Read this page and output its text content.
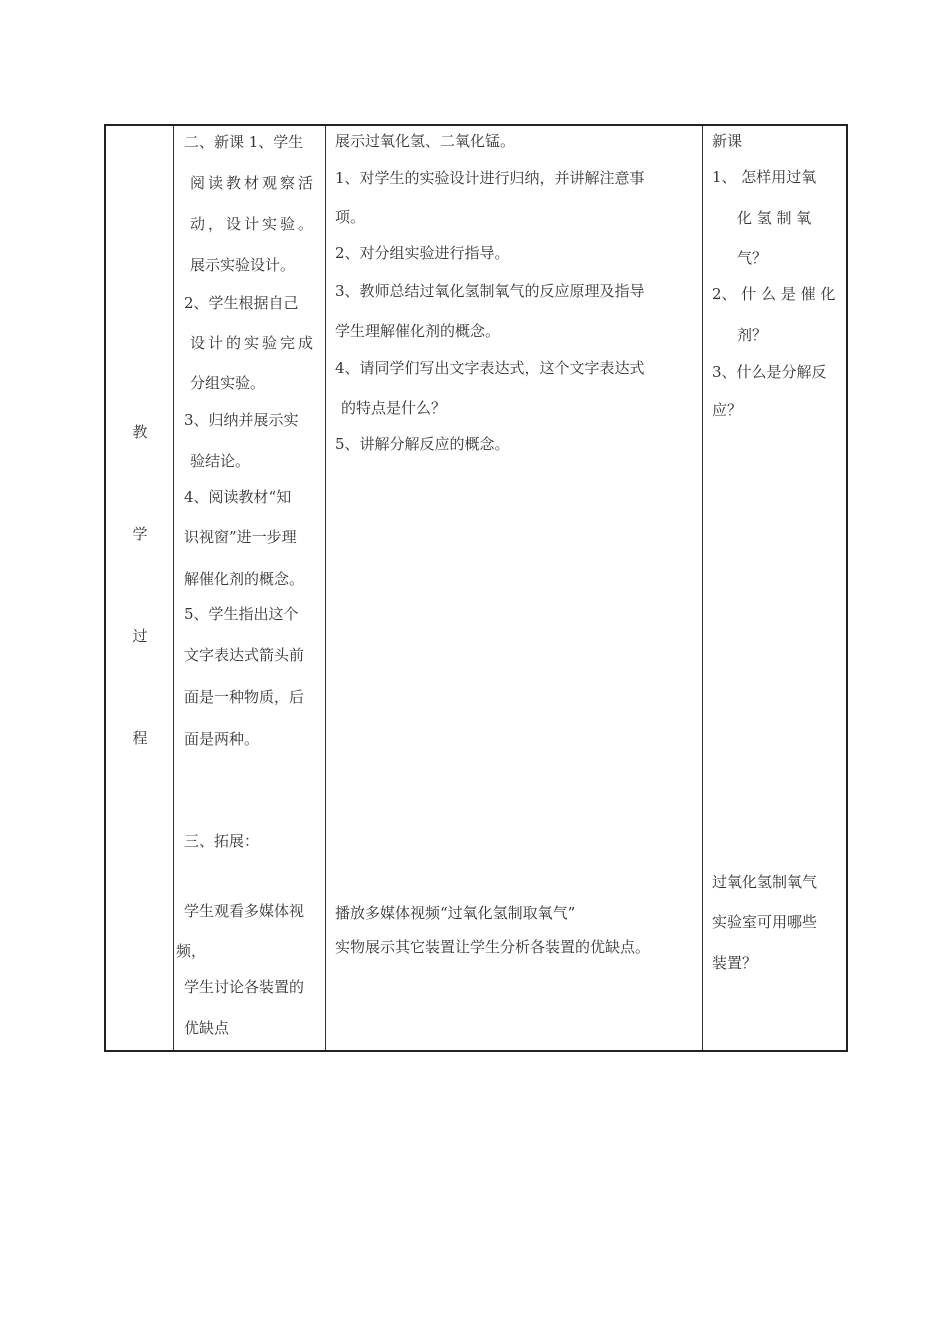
教
学
过
程
二、新课 1、学生
阅读教材观察活
动，设计实验。
展示实验设计。
2、学生根据自己
设计的实验完成
分组实验。
3、归纳并展示实
验结论。
4、阅读教材“知
识视窗”进一步理
解催化剂的概念。
5、学生指出这个
文字表达式箭头前
面是一种物质，后
面是两种。
三、拓展：
学生观看多媒体视
频，
学生讨论各装置的
优缺点
展示过氧化氢、二氧化锰。
1、对学生的实验设计进行归纳，并讲解注意事
项。
2、对分组实验进行指导。
3、教师总结过氧化氢制氧气的反应原理及指导
学生理解催化剂的概念。
4、请同学们写出文字表达式，这个文字表达式
的特点是什么？
5、讲解分解反应的概念。
播放多媒体视频“过氧化氢制取氧气”
实物展示其它装置让学生分析各装置的优缺点。
新课
1、 怎样用过氧
化 氢 制 氧
气？
2、 什 么 是 催 化
剂？
3、什么是分解反
应？
过氧化氢制氧气
实验室可用哪些
装置？
